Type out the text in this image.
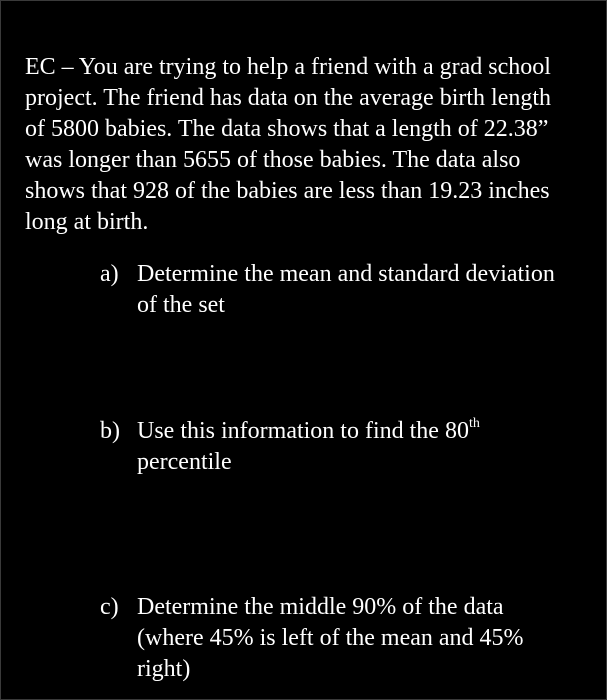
EC – You are trying to help a friend with a grad school
project. The friend has data on the average birth length
of 5800 babies. The data shows that a length of 22.38”
was longer than 5655 of those babies. The data also
shows that 928 of the babies are less than 19.23 inches
long at birth.

a) Determine the mean and standard deviation
of the set
b) Use this information to find the 80th
percentile
c) Determine the middle 90% of the data
(where 45% is left of the mean and 45%
right)
